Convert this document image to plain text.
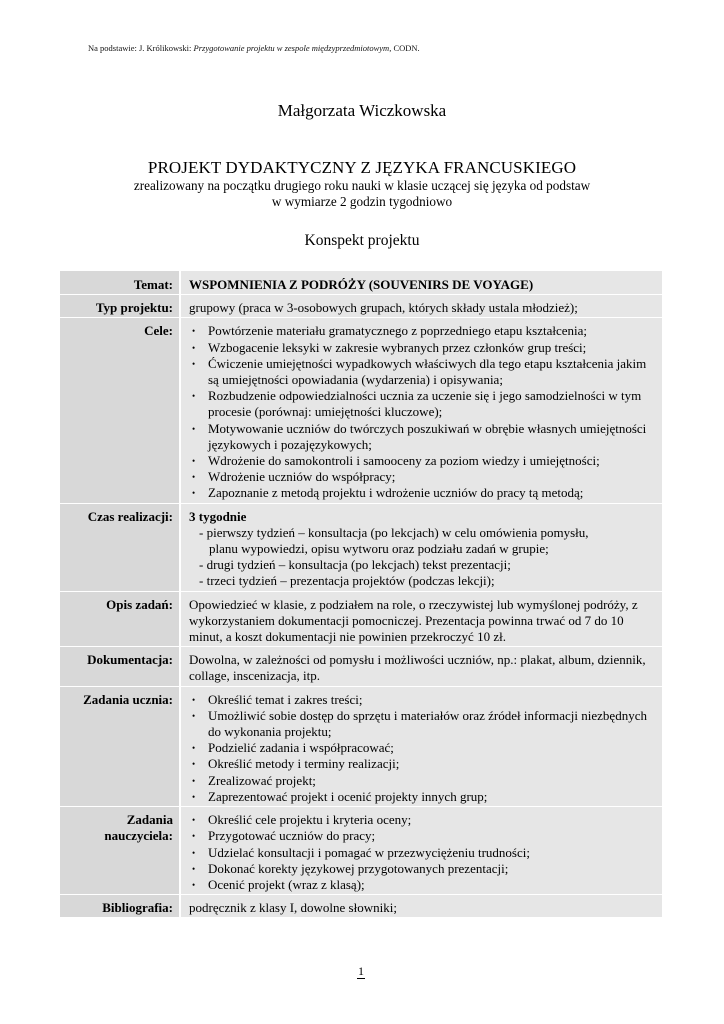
Na podstawie: J. Królikowski: Przygotowanie projektu w zespole międzyprzedmiotowym, CODN.
Małgorzata Wiczkowska
PROJEKT DYDAKTYCZNY Z JĘZYKA FRANCUSKIEGO
zrealizowany na początku drugiego roku nauki w klasie uczącej się języka od podstaw
w wymiarze 2 godzin tygodniowo
Konspekt projektu
Temat:	WSPOMNIENIA Z PODRÓŻY (SOUVENIRS DE VOYAGE)
Typ projektu:	grupowy (praca w 3-osobowych grupach, których składy ustala młodzież);
Cele:	• Powtórzenie materiału gramatycznego z poprzedniego etapu kształcenia;
• Wzbogacenie leksyki w zakresie wybranych przez członków grup treści;
• Ćwiczenie umiejętności wypadkowych właściwych dla tego etapu kształcenia jakim są umiejętności opowiadania (wydarzenia) i opisywania;
• Rozbudzenie odpowiedzialności ucznia za uczenie się i jego samodzielności w tym procesie (porównaj: umiejętności kluczowe);
• Motywowanie uczniów do twórczych poszukiwań w obrębie własnych umiejętności językowych i pozajęzykowych;
• Wdrożenie do samokontroli i samooceny za poziom wiedzy i umiejętności;
• Wdrożenie uczniów do współpracy;
• Zapoznanie z metodą projektu i wdrożenie uczniów do pracy tą metodą;
Czas realizacji:	3 tygodnie
- pierwszy tydzień – konsultacja (po lekcjach) w celu omówienia pomysłu,
planu wypowiedzi, opisu wytworu oraz podziału zadań w grupie;
- drugi tydzień – konsultacja (po lekcjach) tekst prezentacji;
- trzeci tydzień – prezentacja projektów (podczas lekcji);
Opis zadań:	Opowiedzieć w klasie, z podziałem na role, o rzeczywistej lub wymyślonej podróży, z wykorzystaniem dokumentacji pomocniczej. Prezentacja powinna trwać od 7 do 10 minut, a koszt dokumentacji nie powinien przekroczyć 10 zł.
Dokumentacja:	Dowolna, w zależności od pomysłu i możliwości uczniów, np.: plakat, album, dziennik, collage, inscenizacja, itp.
Zadania ucznia:	• Określić temat i zakres treści;
• Umożliwić sobie dostęp do sprzętu i materiałów oraz źródeł informacji niezbędnych do wykonania projektu;
• Podzielić zadania i współpracować;
• Określić metody i terminy realizacji;
• Zrealizować projekt;
• Zaprezentować projekt i ocenić projekty innych grup;
Zadania
nauczyciela:
• Określić cele projektu i kryteria oceny;
• Przygotować uczniów do pracy;
• Udzielać konsultacji i pomagać w przezwyciężeniu trudności;
• Dokonać korekty językowej przygotowanych prezentacji;
• Ocenić projekt (wraz z klasą);
Bibliografia:	podręcznik z klasy I, dowolne słowniki;
1
